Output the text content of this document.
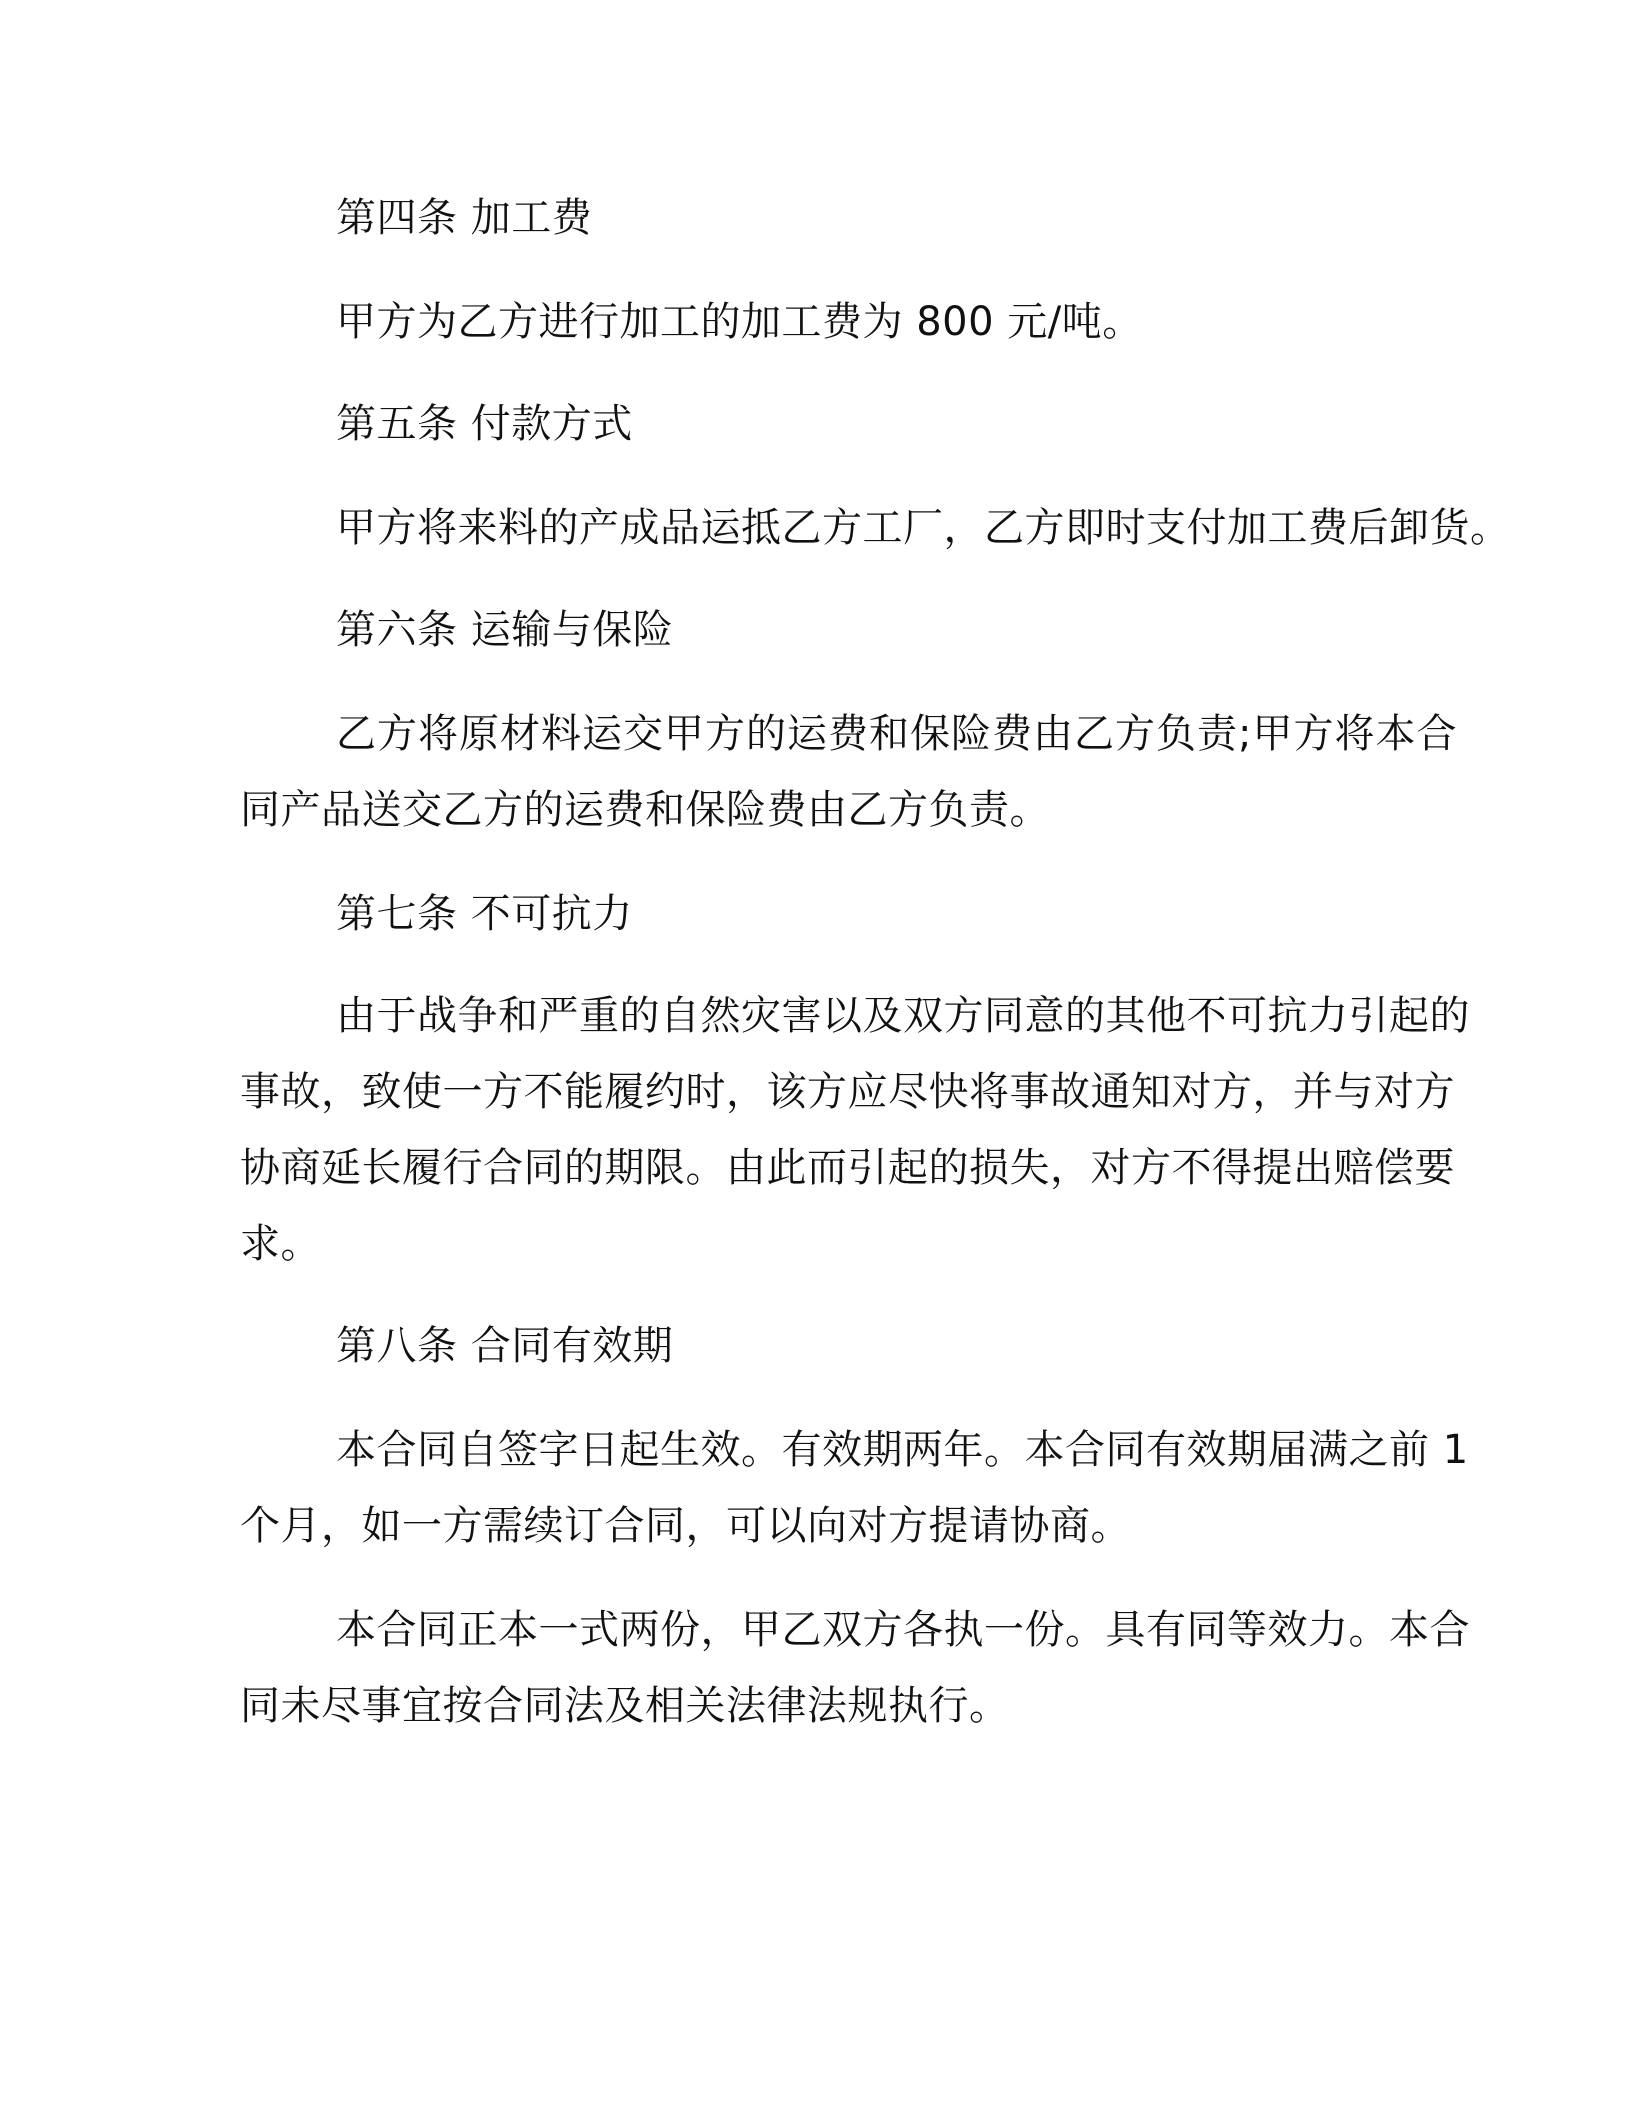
第四条 加工费

甲方为乙方进行加工的加工费为 800 元/吨。

第五条 付款方式

甲方将来料的产成品运抵乙方工厂，乙方即时支付加工费后卸货。

第六条 运输与保险

乙方将原材料运交甲方的运费和保险费由乙方负责;甲方将本合

同产品送交乙方的运费和保险费由乙方负责。

第七条 不可抗力

由于战争和严重的自然灾害以及双方同意的其他不可抗力引起的

事故，致使一方不能履约时，该方应尽快将事故通知对方，并与对方

协商延长履行合同的期限。由此而引起的损失，对方不得提出赔偿要

求。

第八条 合同有效期

本合同自签字日起生效。有效期两年。本合同有效期届满之前 1

个月，如一方需续订合同，可以向对方提请协商。

本合同正本一式两份，甲乙双方各执一份。具有同等效力。本合

同未尽事宜按合同法及相关法律法规执行。
